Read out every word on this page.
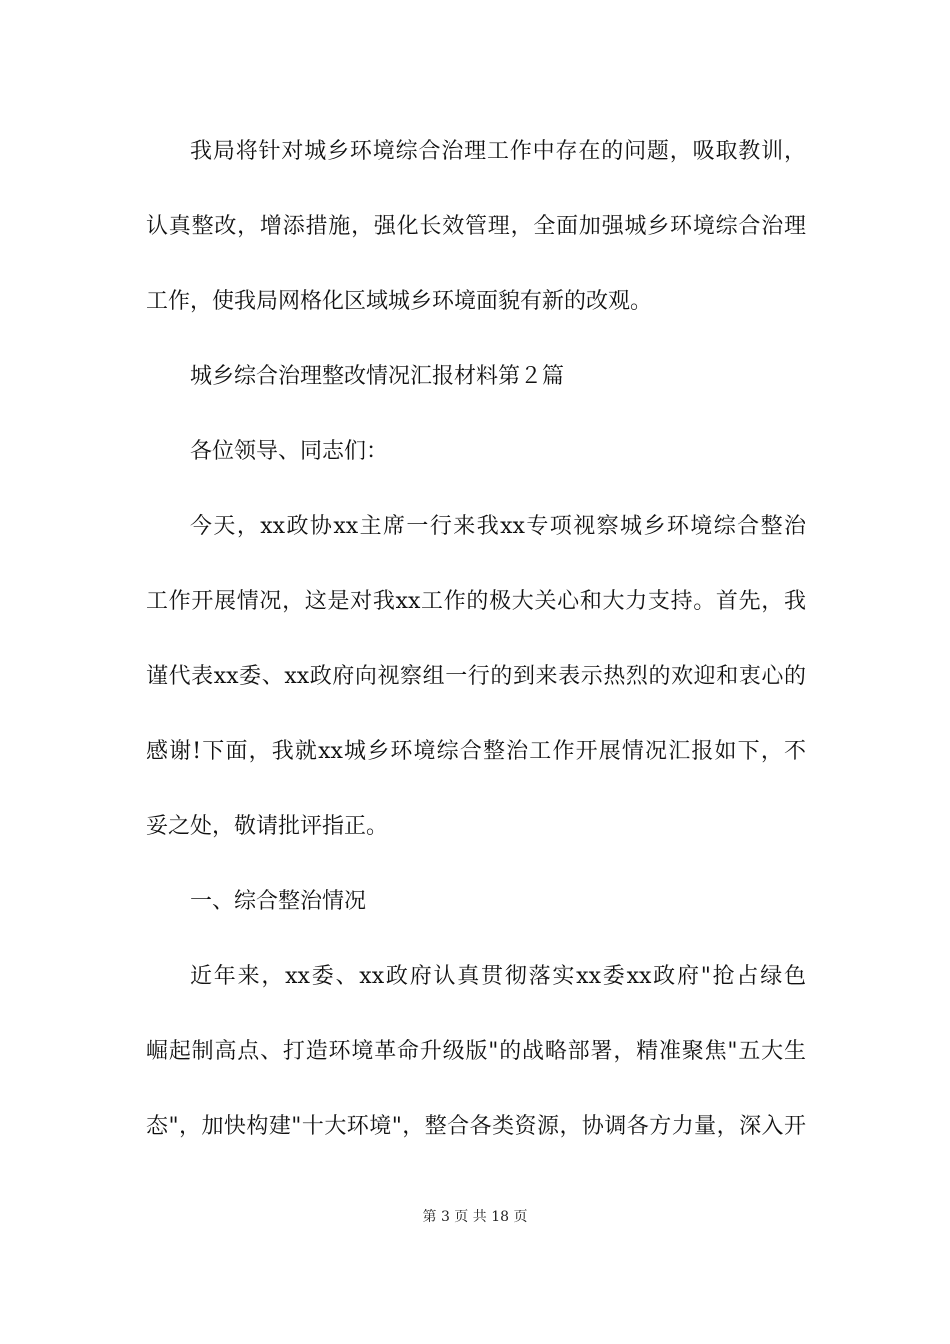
我局将针对城乡环境综合治理工作中存在的问题，吸取教训，
认真整改，增添措施，强化长效管理，全面加强城乡环境综合治理
工作，使我局网格化区域城乡环境面貌有新的改观。
城乡综合治理整改情况汇报材料第２篇
各位领导、同志们：
今天，xx政协xx主席一行来我xx专项视察城乡环境综合整治
工作开展情况，这是对我xx工作的极大关心和大力支持。首先，我
谨代表xx委、xx政府向视察组一行的到来表示热烈的欢迎和衷心的
感谢!下面，我就xx城乡环境综合整治工作开展情况汇报如下，不
妥之处，敬请批评指正。
一、综合整治情况
近年来，xx委、xx政府认真贯彻落实xx委xx政府"抢占绿色
崛起制高点、打造环境革命升级版"的战略部署，精准聚焦"五大生
态"，加快构建"十大环境"，整合各类资源，协调各方力量，深入开
第 3 页 共 18 页
